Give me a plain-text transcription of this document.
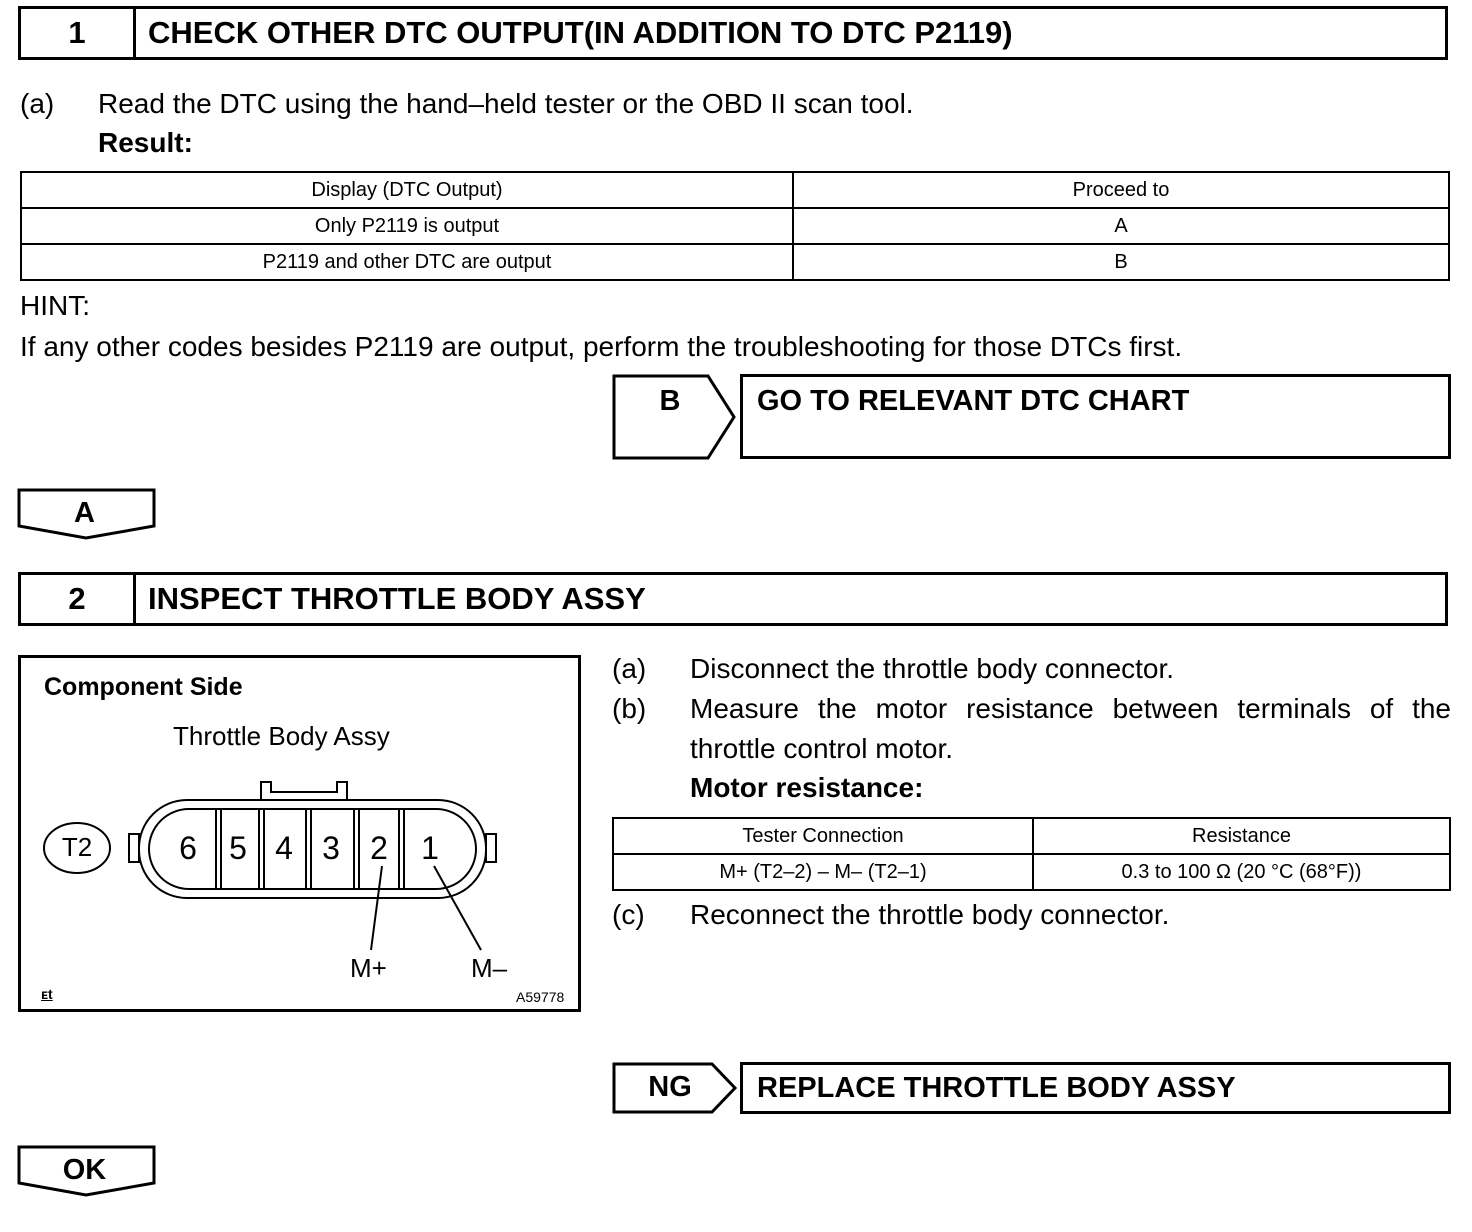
1	CHECK OTHER DTC OUTPUT(IN ADDITION TO DTC P2119)
(a) Read the DTC using the hand–held tester or the OBD II scan tool.
Result:
Display (DTC Output)	Proceed to
Only P2119 is output	A
P2119 and other DTC are output	B
HINT:
If any other codes besides P2119 are output, perform the troubleshooting for those DTCs first.
B	GO TO RELEVANT DTC CHART
A
2	INSPECT THROTTLE BODY ASSY
Component Side
Throttle Body Assy
T2	6 5 4 3 2 1
M+	M–
ᴇt	A59778
(a) Disconnect the throttle body connector.
(b) Measure the motor resistance between terminals of the
throttle control motor.
Motor resistance:
Tester Connection	Resistance
M+ (T2–2) – M– (T2–1)	0.3 to 100 Ω (20 °C (68°F))
(c) Reconnect the throttle body connector.
NG	REPLACE THROTTLE BODY ASSY
OK
